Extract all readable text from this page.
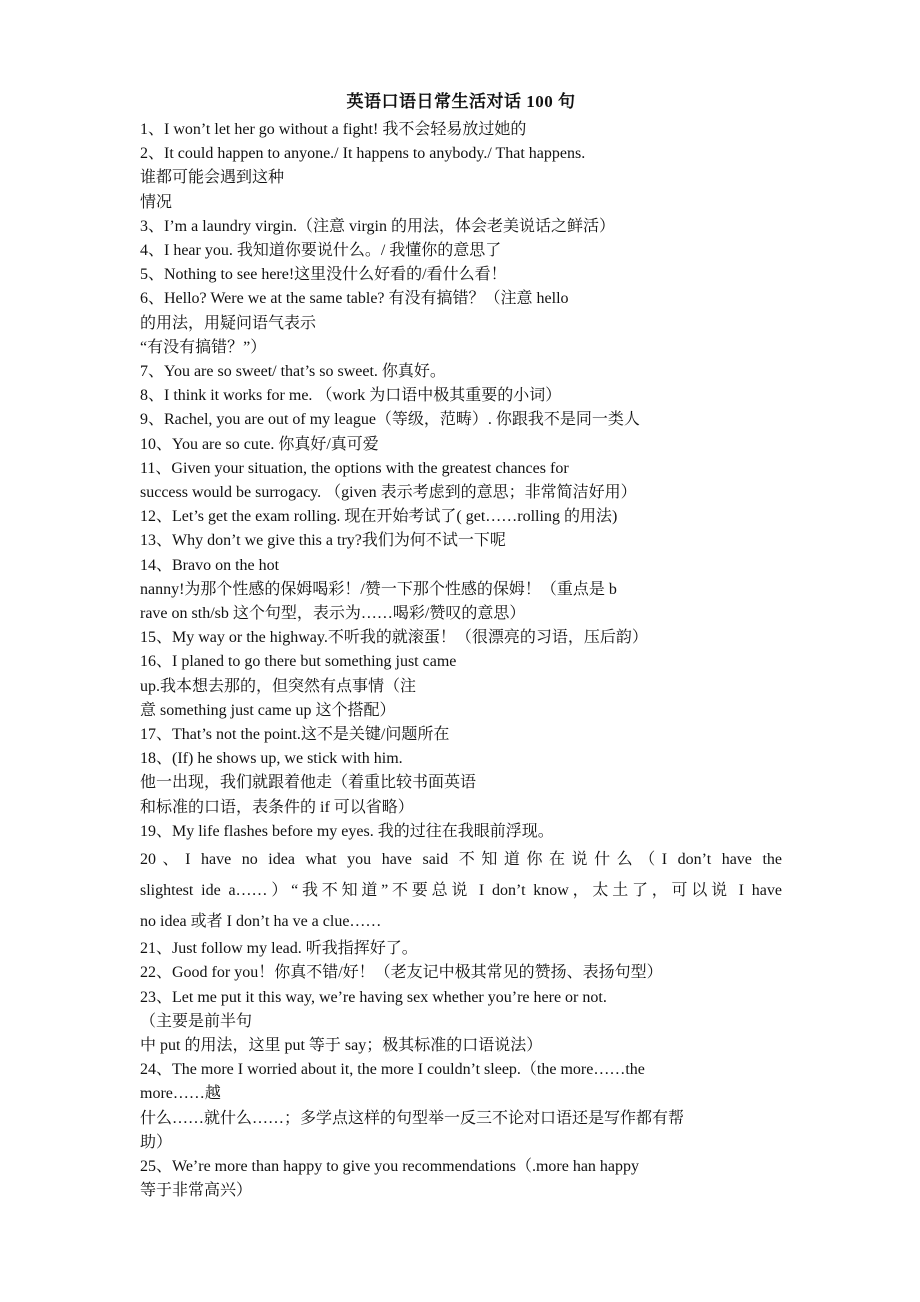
英语口语日常生活对话 100 句
1、I won’t let her go without a fight! 我不会轻易放过她的
2、It could happen to anyone./ It happens to anybody./ That happens.
谁都可能会遇到这种
情况
3、I’m a laundry virgin.（注意 virgin 的用法，体会老美说话之鲜活）
4、I hear you. 我知道你要说什么。/ 我懂你的意思了
5、Nothing to see here!这里没什么好看的/看什么看！
6、Hello? Were we at the same table? 有没有搞错？（注意 hello
的用法，用疑问语气表示
“有没有搞错？”）
7、You are so sweet/ that’s so sweet. 你真好。
8、I think it works for me. （work 为口语中极其重要的小词）
9、Rachel, you are out of my league（等级，范畴）. 你跟我不是同一类人
10、You are so cute. 你真好/真可爱
11、Given your situation, the options with the greatest chances for
success would be surrogacy. （given 表示考虑到的意思；非常简洁好用）
12、Let’s get the exam rolling. 现在开始考试了( get……rolling 的用法)
13、Why don’t we give this a try?我们为何不试一下呢
14、Bravo on the hot
nanny!为那个性感的保姆喝彩！/赞一下那个性感的保姆！（重点是 b
rave on sth/sb 这个句型，表示为……喝彩/赞叹的意思）
15、My way or the highway.不听我的就滚蛋！（很漂亮的习语，压后韵）
16、I planed to go there but something just came
up.我本想去那的，但突然有点事情（注
意 something just came up 这个搭配）
17、That’s not the point.这不是关键/问题所在
18、(If) he shows up, we stick with him.
他一出现，我们就跟着他走（着重比较书面英语
和标准的口语，表条件的 if 可以省略）
19、My life flashes before my eyes. 我的过往在我眼前浮现。
20、I have no idea what you have said 不知道你在说什么（I don’t have the
slightest ide a……）“我不知道”不要总说 I don’t know，太土了，可以说 I have
no idea 或者 I don’t ha ve a clue……
21、Just follow my lead. 听我指挥好了。
22、Good for you！你真不错/好！（老友记中极其常见的赞扬、表扬句型）
23、Let me put it this way, we’re having sex whether you’re here or not.
（主要是前半句
中 put 的用法，这里 put 等于 say；极其标准的口语说法）
24、The more I worried about it, the more I couldn’t sleep.（the more……the
more……越
什么……就什么……；多学点这样的句型举一反三不论对口语还是写作都有帮
助）
25、We’re more than happy to give you recommendations（.more han happy
等于非常高兴）
